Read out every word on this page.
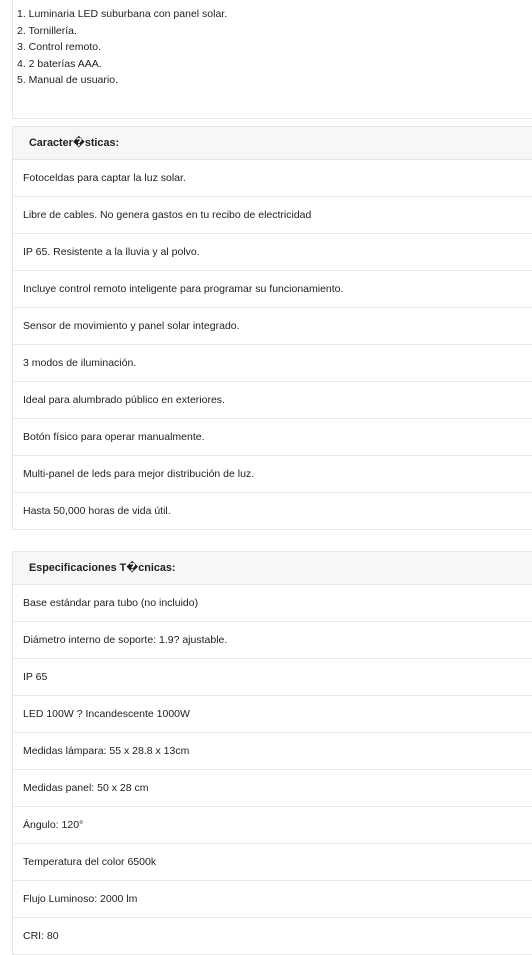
1. Luminaria LED suburbana con panel solar.
2. Tornillería.
3. Control remoto.
4. 2 baterías AAA.
5. Manual de usuario.
Caracter�sticas:
Fotoceldas para captar la luz solar.
Libre de cables. No genera gastos en tu recibo de electricidad
IP 65. Resistente a la lluvia y al polvo.
Incluye control remoto inteligente para programar su funcionamiento.
Sensor de movimiento y panel solar integrado.
3 modos de iluminación.
Ideal para alumbrado público en exteriores.
Botón físico para operar manualmente.
Multi-panel de leds para mejor distribución de luz.
Hasta 50,000 horas de vida útil.
Especificaciones T�cnicas:
Base estándar para tubo (no incluido)
Diámetro interno de soporte: 1.9? ajustable.
IP 65
LED 100W ? Incandescente 1000W
Medidas lámpara: 55 x 28.8 x 13cm
Medidas panel: 50 x 28 cm
Ángulo: 120°
Temperatura del color 6500k
Flujo Luminoso: 2000 lm
CRI: 80
